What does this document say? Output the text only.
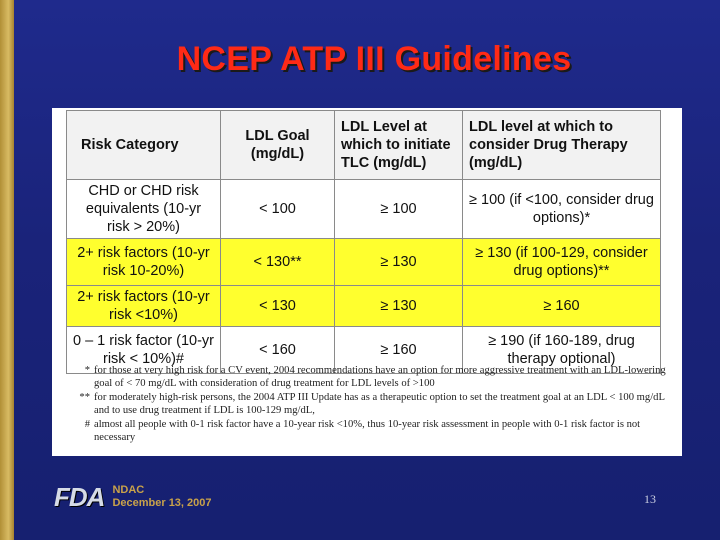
NCEP ATP III Guidelines
Risk Category	LDL Goal (mg/dL)	LDL Level at which to initiate TLC (mg/dL)	LDL level at which to consider Drug Therapy (mg/dL)
CHD or CHD risk equivalents (10-yr risk > 20%)	< 100	≥ 100	≥ 100 (if <100, consider drug options)*
2+ risk factors (10-yr risk 10-20%)	< 130**	≥ 130	≥ 130 (if 100-129, consider drug options)**
2+ risk factors (10-yr risk <10%)	< 130	≥ 130	≥ 160
0 – 1 risk factor (10-yr risk < 10%)#	< 160	≥ 160	≥ 190 (if 160-189, drug therapy optional)
* for those at very high risk for a CV event, 2004 recommendations have an option for more aggressive treatment with an LDL-lowering goal of < 70 mg/dL with consideration of drug treatment for LDL levels of >100
** for moderately high-risk persons, the 2004 ATP III Update has as a therapeutic option to set the treatment goal at an LDL < 100 mg/dL and to use drug treatment if LDL is 100-129 mg/dL,
# almost all people with 0-1 risk factor have a 10-year risk <10%, thus 10-year risk assessment in people with 0-1 risk factor is not necessary
FDA NDAC
December 13, 2007	13
